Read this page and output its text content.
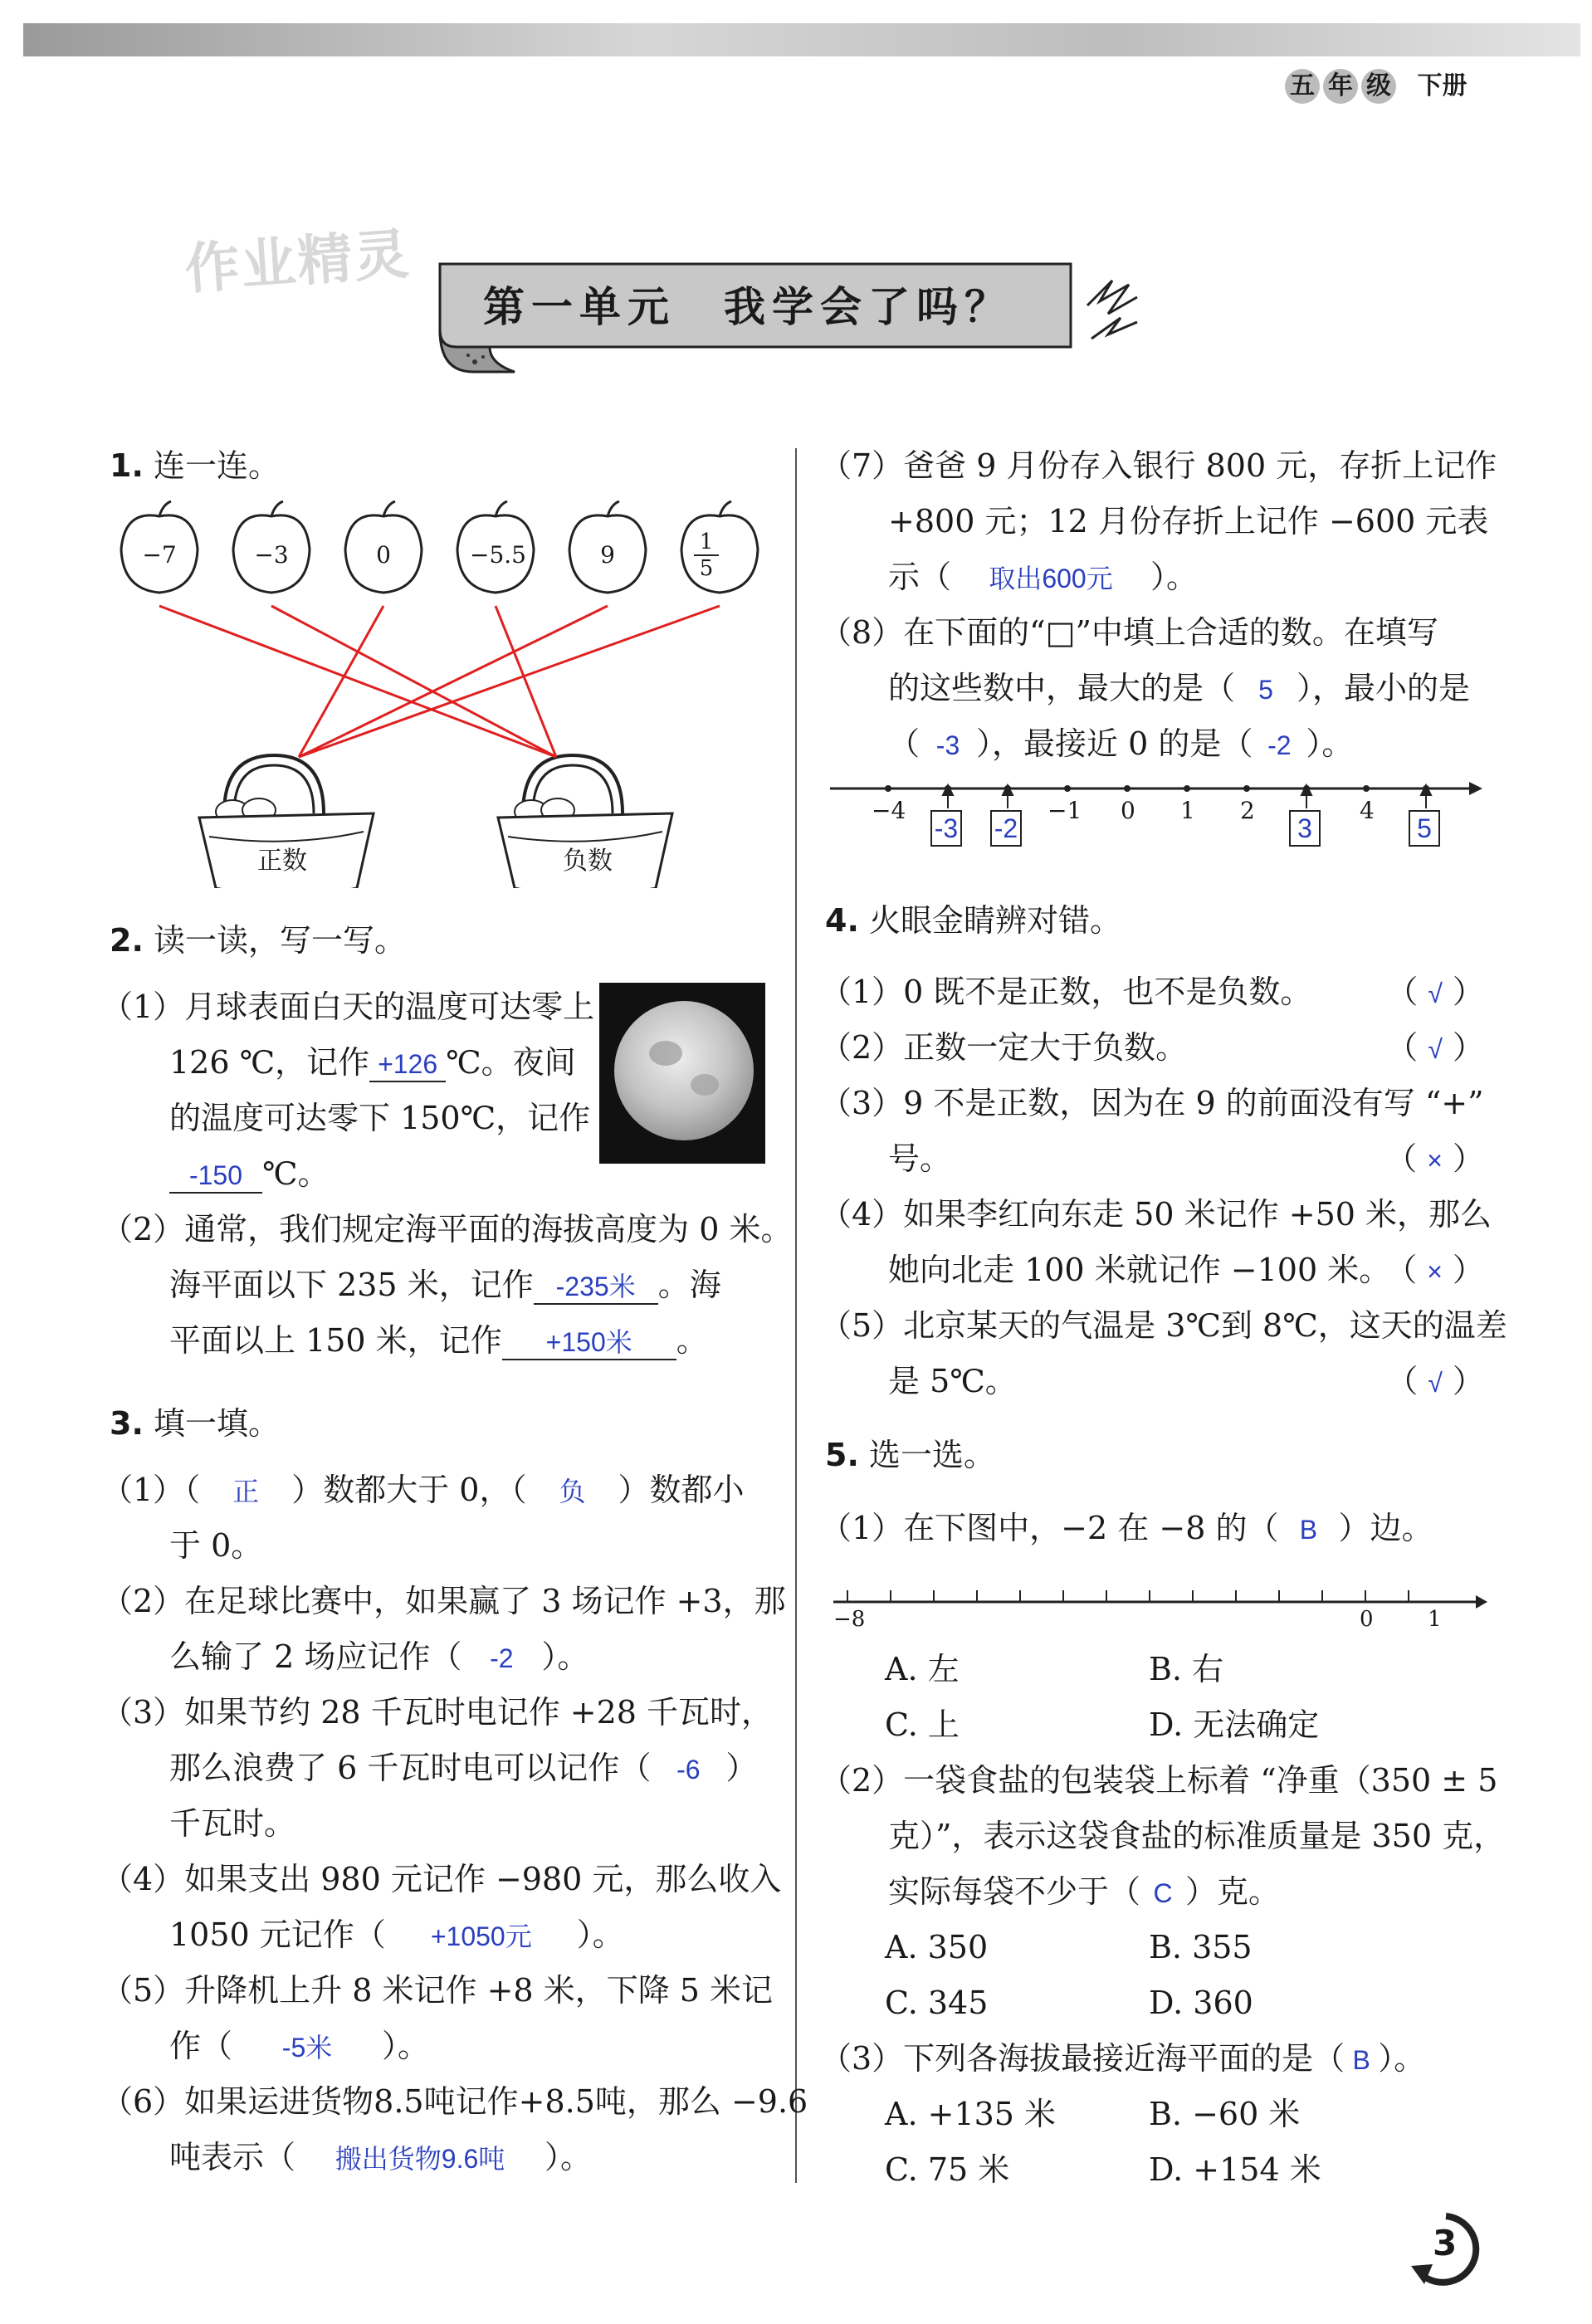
五 年 级 下册
作业精灵
第一单元　我学会了吗？
1. 连一连。
−7	−3	0	−5.5	9	$\frac{1}{5}$
正数	负数
2. 读一读，写一写。
（1）月球表面白天的温度可达零上
126 ℃，记作 +126 ℃。夜间
的温度可达零下 150℃，记作
-150 ℃。
（2）通常，我们规定海平面的海拔高度为 0 米。
海平面以下 235 米，记作 -235米 。海
平面以上 150 米，记作 +150米 。
3. 填一填。
（1）（ 正 ）数都大于 0，（ 负 ）数都小
于 0。
（2）在足球比赛中，如果赢了 3 场记作 +3，那
么输了 2 场应记作（ -2 ）。
（3）如果节约 28 千瓦时电记作 +28 千瓦时，
那么浪费了 6 千瓦时电可以记作（ -6 ）
千瓦时。
（4）如果支出 980 元记作 −980 元，那么收入
1050 元记作（ +1050元 ）。
（5）升降机上升 8 米记作 +8 米，下降 5 米记
作（ -5米 ）。
（6）如果运进货物8.5吨记作+8.5吨，那么 −9.6
吨表示（ 搬出货物9.6吨 ）。
（7）爸爸 9 月份存入银行 800 元，存折上记作
+800 元；12 月份存折上记作 −600 元表
示（ 取出600元 ）。
（8）在下面的“□”中填上合适的数。在填写
的这些数中，最大的是（ 5 ），最小的是
（ -3 ），最接近 0 的是（ -2 ）。
−4	−1 0 1 2	4
-3 -2	3	5
4. 火眼金睛辨对错。
（1）0 既不是正数，也不是负数。 （ √ ）
（2）正数一定大于负数。	（ √ ）
（3）9 不是正数，因为在 9 的前面没有写 “+”
号。	（ × ）
（4）如果李红向东走 50 米记作 +50 米，那么
她向北走 100 米就记作 −100 米。
（ × ）
（5）北京某天的气温是 3℃到 8℃，这天的温差
是 5℃。	（ √ ）
5. 选一选。
（1）在下图中，−2 在 −8 的（ B ）边。
−8	0	1
A. 左	B. 右
C. 上	D. 无法确定
（2）一袋食盐的包装袋上标着 “净重（350 ± 5
克）”，表示这袋食盐的标准质量是 350 克，
实际每袋不少于（ C ）克。
A. 350	B. 355
C. 345	D. 360
（3）下列各海拔最接近海平面的是（ B ）。
A. +135 米	B. −60 米
C. 75 米	D. +154 米
3
